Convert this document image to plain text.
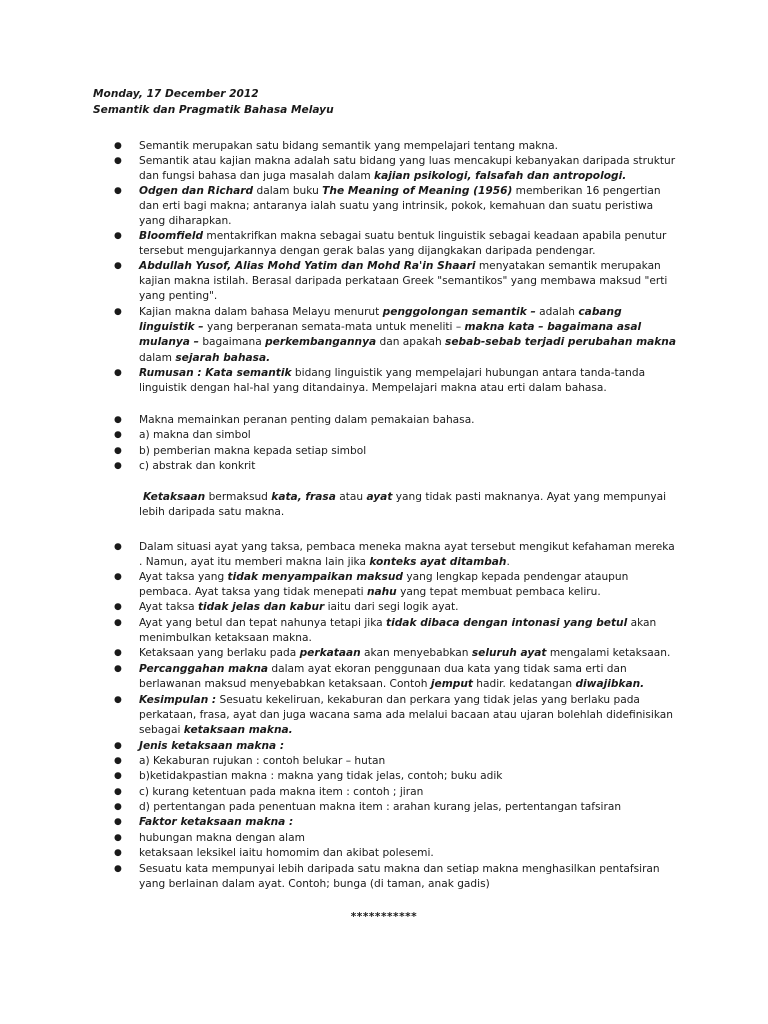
Monday, 17 December 2012
Semantik dan Pragmatik Bahasa Melayu
● Semantik merupakan satu bidang semantik yang mempelajari tentang makna.
● Semantik atau kajian makna adalah satu bidang yang luas mencakupi kebanyakan daripada struktur dan fungsi bahasa dan juga masalah dalam kajian psikologi, falsafah dan antropologi.
● Odgen dan Richard dalam buku The Meaning of Meaning (1956) memberikan 16 pengertian dan erti bagi makna; antaranya ialah suatu yang intrinsik, pokok, kemahuan dan suatu peristiwa yang diharapkan.
● Bloomfield mentakrifkan makna sebagai suatu bentuk linguistik sebagai keadaan apabila penutur tersebut mengujarkannya dengan gerak balas yang dijangkakan daripada pendengar.
● Abdullah Yusof, Alias Mohd Yatim dan Mohd Ra'in Shaari menyatakan semantik merupakan kajian makna istilah. Berasal daripada perkataan Greek "semantikos" yang membawa maksud "erti yang penting".
● Kajian makna dalam bahasa Melayu menurut penggolongan semantik – adalah cabang linguistik – yang berperanan semata-mata untuk meneliti – makna kata – bagaimana asal mulanya – bagaimana perkembangannya dan apakah sebab-sebab terjadi perubahan makna dalam sejarah bahasa.
● Rumusan : Kata semantik bidang linguistik yang mempelajari hubungan antara tanda-tanda linguistik dengan hal-hal yang ditandainya. Mempelajari makna atau erti dalam bahasa.
● Makna memainkan peranan penting dalam pemakaian bahasa.
● a) makna dan simbol
● b) pemberian makna kepada setiap simbol
● c) abstrak dan konkrit
Ketaksaan bermaksud kata, frasa atau ayat yang tidak pasti maknanya. Ayat yang mempunyai lebih daripada satu makna.
● Dalam situasi ayat yang taksa, pembaca meneka makna ayat tersebut mengikut kefahaman mereka . Namun, ayat itu memberi makna lain jika konteks ayat ditambah.
● Ayat taksa yang tidak menyampaikan maksud yang lengkap kepada pendengar ataupun pembaca. Ayat taksa yang tidak menepati nahu yang tepat membuat pembaca keliru.
● Ayat taksa tidak jelas dan kabur iaitu dari segi logik ayat.
● Ayat yang betul dan tepat nahunya tetapi jika tidak dibaca dengan intonasi yang betul akan menimbulkan ketaksaan makna.
● Ketaksaan yang berlaku pada perkataan akan menyebabkan seluruh ayat mengalami ketaksaan.
● Percanggahan makna dalam ayat ekoran penggunaan dua kata yang tidak sama erti dan berlawanan maksud menyebabkan ketaksaan. Contoh jemput hadir. kedatangan diwajibkan.
● Kesimpulan : Sesuatu kekeliruan, kekaburan dan perkara yang tidak jelas yang berlaku pada perkataan, frasa, ayat dan juga wacana sama ada melalui bacaan atau ujaran bolehlah didefinisikan sebagai ketaksaan makna.
● Jenis ketaksaan makna :
● a) Kekaburan rujukan : contoh belukar – hutan
● b)ketidakpastian makna : makna yang tidak jelas, contoh; buku adik
● c) kurang ketentuan pada makna item : contoh ; jiran
● d) pertentangan pada penentuan makna item : arahan kurang jelas, pertentangan tafsiran
● Faktor ketaksaan makna :
● hubungan makna dengan alam
● ketaksaan leksikel iaitu homomim dan akibat polesemi.
● Sesuatu kata mempunyai lebih daripada satu makna dan setiap makna menghasilkan pentafsiran yang berlainan dalam ayat. Contoh; bunga (di taman, anak gadis)
***********
